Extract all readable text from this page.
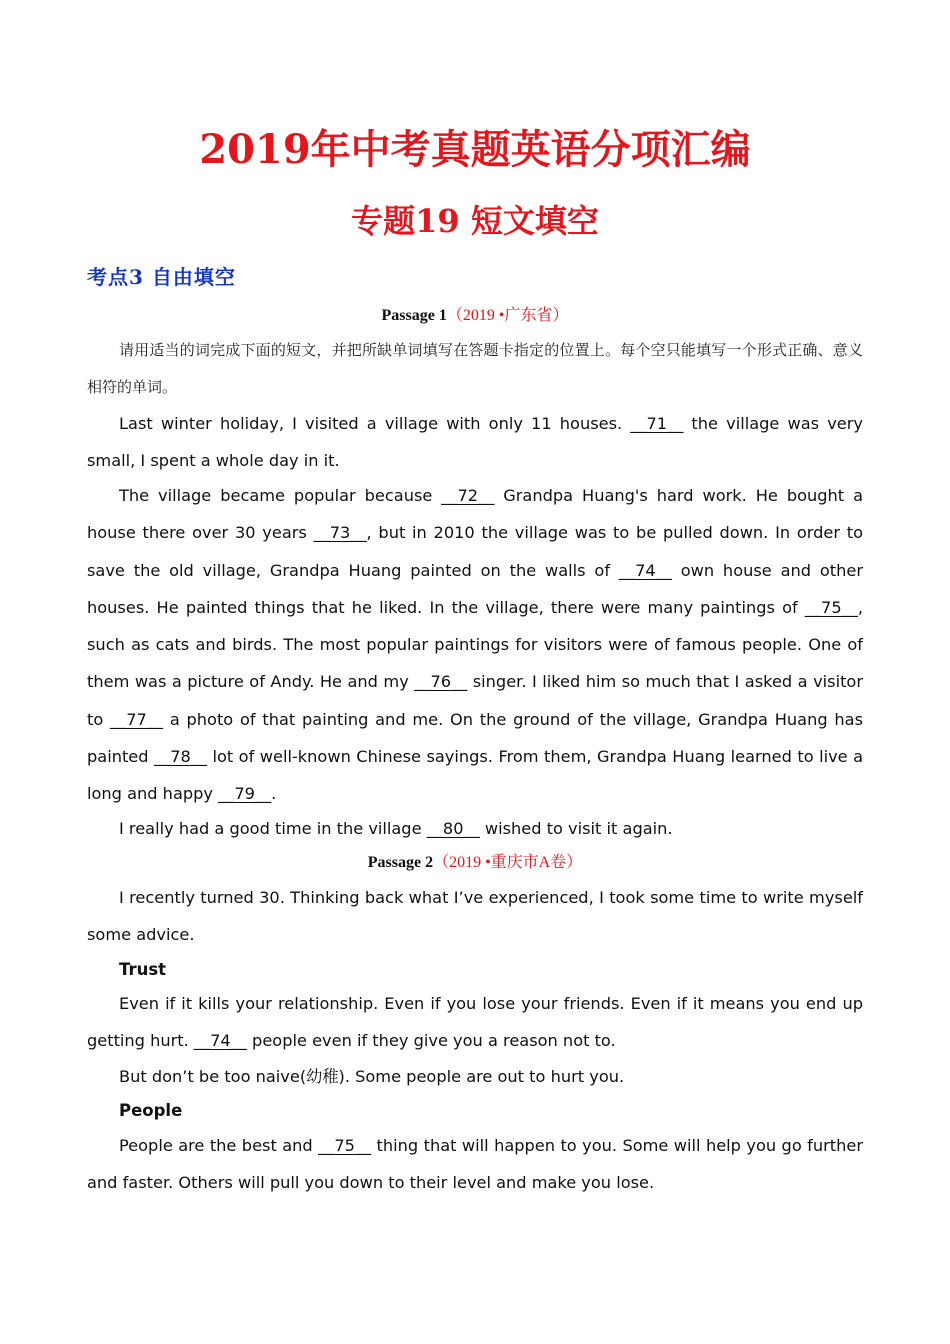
2019年中考真题英语分项汇编
专题19 短文填空
考点3 自由填空
Passage 1（2019 •广东省）
请用适当的词完成下面的短文，并把所缺单词填写在答题卡指定的位置上。每个空只能填写一个形式正确、意义相符的单词。

Last winter holiday, I visited a village with only 11 houses. __71__ the village was very small, I spent a whole day in it.

The village became popular because __72__ Grandpa Huang's hard work. He bought a house there over 30 years __73__, but in 2010 the village was to be pulled down. In order to save the old village, Grandpa Huang painted on the walls of __74__ own house and other houses. He painted things that he liked. In the village, there were many paintings of __75__, such as cats and birds. The most popular paintings for visitors were of famous people. One of them was a picture of Andy. He and my __76__ singer. I liked him so much that I asked a visitor to __77__ a photo of that painting and me. On the ground of the village, Grandpa Huang has painted __78__ lot of well-known Chinese sayings. From them, Grandpa Huang learned to live a long and happy __79__.

I really had a good time in the village __80__ wished to visit it again.

Passage 2（2019 •重庆市A卷）

I recently turned 30. Thinking back what I’ve experienced, I took some time to write myself some advice.

Trust

Even if it kills your relationship. Even if you lose your friends. Even if it means you end up getting hurt. __74__ people even if they give you a reason not to.

But don’t be too naive(幼稚). Some people are out to hurt you.

People

People are the best and __75__ thing that will happen to you. Some will help you go further and faster. Others will pull you down to their level and make you lose.
